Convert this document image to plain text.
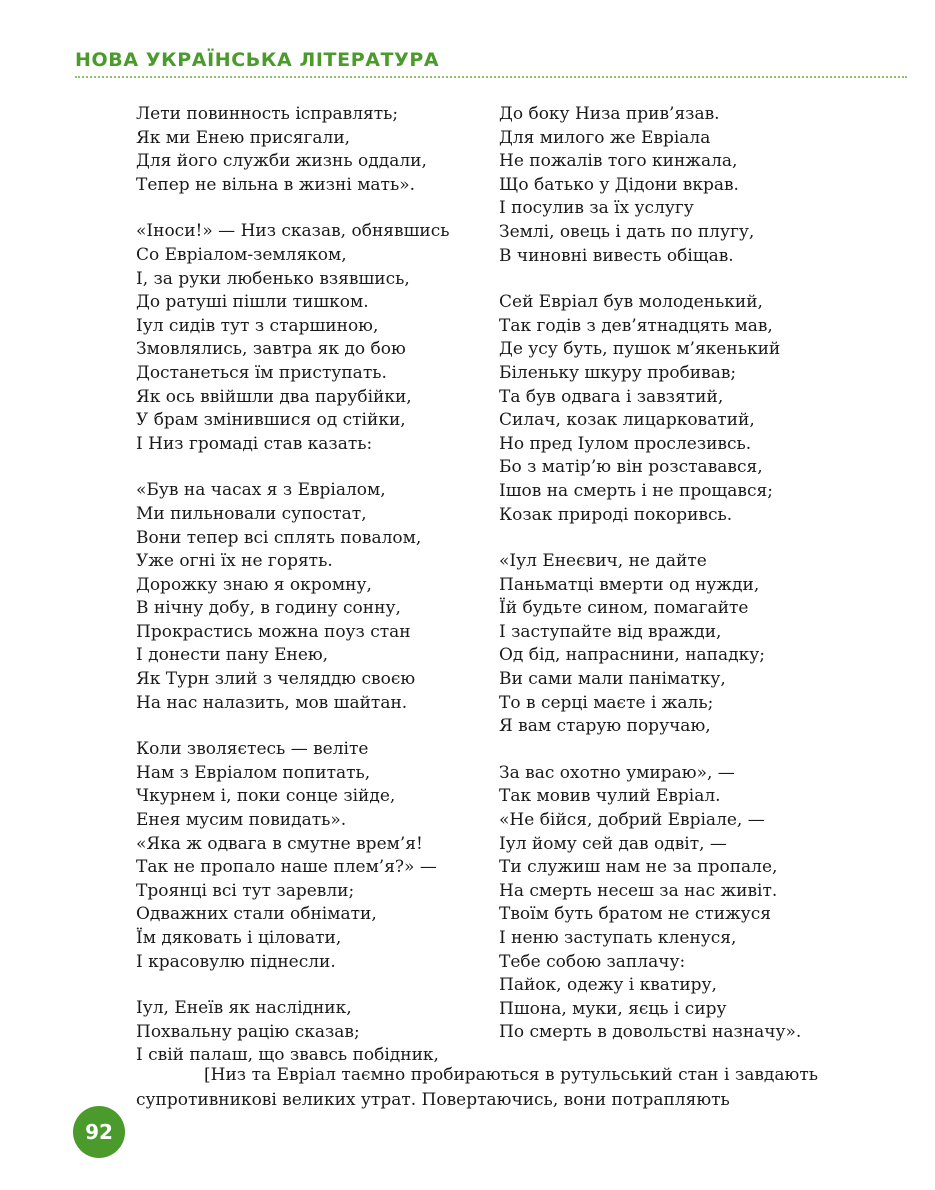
НОВА УКРАЇНСЬКА ЛІТЕРАТУРА
Лети повинность ісправлять;
Як ми Енею присягали,
Для його служби жизнь оддали,
Тепер не вільна в жизні мать».
«Іноси!» — Низ сказав, обнявшись
Со Евріалом-земляком,
І, за руки любенько взявшись,
До ратуші пішли тишком.
Іул сидів тут з старшиною,
Змовлялись, завтра як до бою
Достанеться їм приступать.
Як ось ввійшли два парубійки,
У брам змінившися од стійки,
І Низ громаді став казать:
«Був на часах я з Евріалом,
Ми пильновали супостат,
Вони тепер всі сплять повалом,
Уже огні їх не горять.
Дорожку знаю я окромну,
В нічну добу, в годину сонну,
Прокрастись можна поуз стан
І донести пану Енею,
Як Турн злий з челяддю своєю
На нас налазить, мов шайтан.
Коли зволяєтесь — веліте
Нам з Евріалом попитать,
Чкурнем і, поки сонце зійде,
Енея мусим повидать».
«Яка ж одвага в смутне врем’я!
Так не пропало наше плем’я?» —
Троянці всі тут заревли;
Одважних стали обнімати,
Їм дяковать і ціловати,
І красовулю піднесли.
Іул, Енеїв як наслідник,
Похвальну рацію сказав;
І свій палаш, що звавсь побідник,
До боку Низа прив’язав.
Для милого же Евріала
Не пожалів того кинжала,
Що батько у Дідони вкрав.
І посулив за їх услугу
Землі, овець і дать по плугу,
В чиновні вивесть обіщав.
Сей Евріал був молоденький,
Так годів з дев’ятнадцять мав,
Де усу буть, пушок м’якенький
Біленьку шкуру пробивав;
Та був одвага і завзятий,
Силач, козак лицарковатий,
Но пред Іулом прослезивсь.
Бо з матір’ю він розставався,
Ішов на смерть і не прощався;
Козак природі покоривсь.
«Іул Енеєвич, не дайте
Паньматці вмерти од нужди,
Їй будьте сином, помагайте
І заступайте від вражди,
Од бід, напраснини, нападку;
Ви сами мали паніматку,
То в серці маєте і жаль;
Я вам старую поручаю,
За вас охотно умираю», —
Так мовив чулий Евріал.
«Не бійся, добрий Евріале, —
Іул йому сей дав одвіт, —
Ти служиш нам не за пропале,
На смерть несеш за нас живіт.
Твоїм буть братом не стижуся
І неню заступать кленуся,
Тебе собою заплачу:
Пайок, одежу і кватиру,
Пшона, муки, яєць і сиру
По смерть в довольстві назначу».
[Низ та Евріал таємно пробираються в рутульський стан і завдають супротивникові великих утрат. Повертаючись, вони потрапляють
92
